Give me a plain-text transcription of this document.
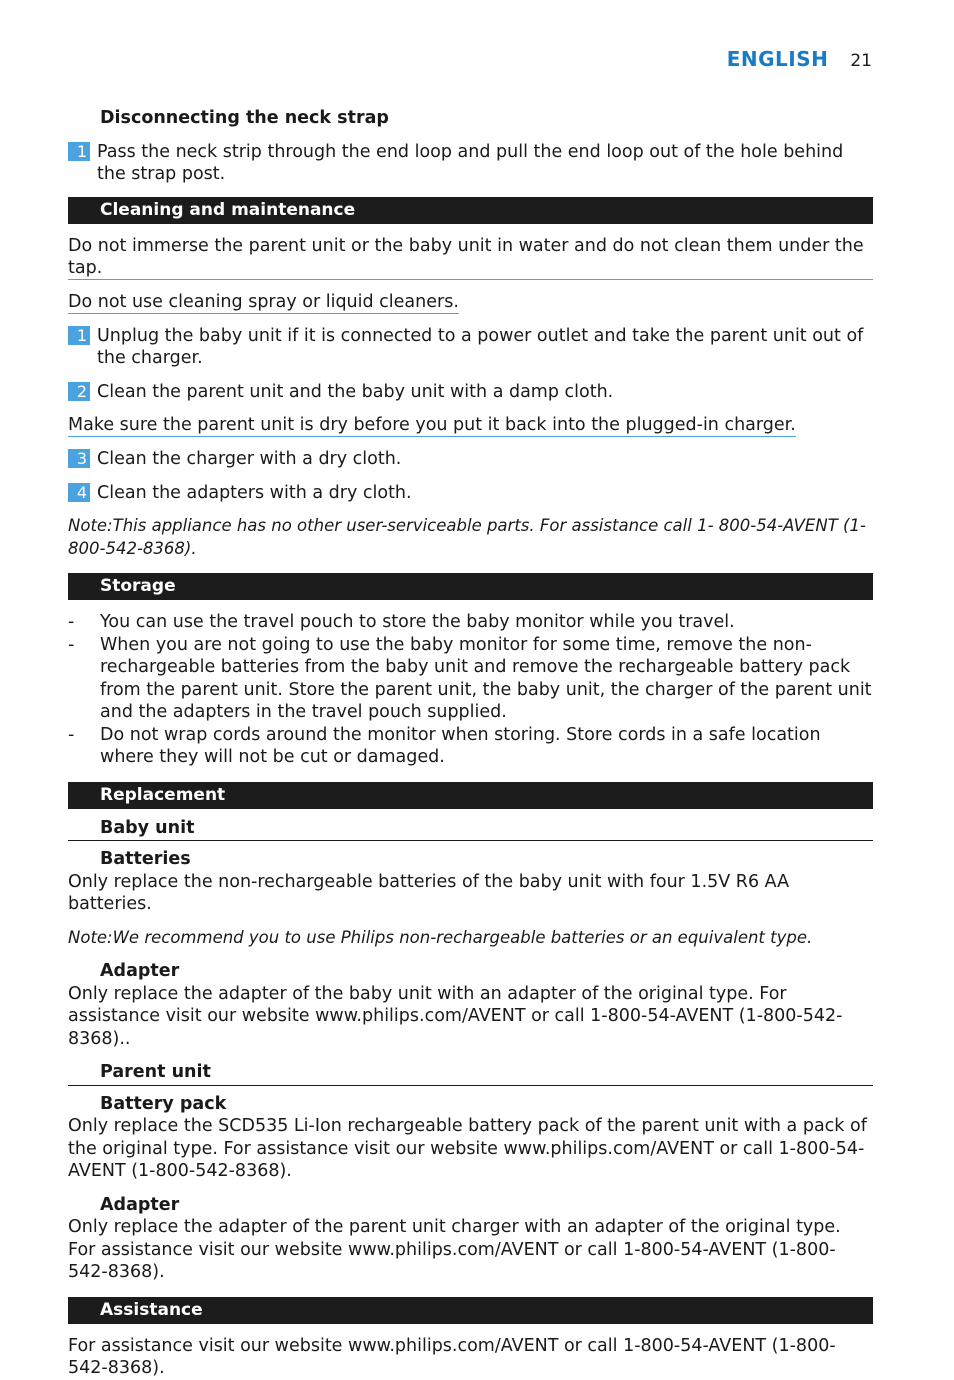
ENGLISH 21

Disconnecting the neck strap

1 Pass the neck strip through the end loop and pull the end loop out of the hole behind the strap post.
Cleaning and maintenance
Do not immerse the parent unit or the baby unit in water and do not clean them under the tap.
Do not use cleaning spray or liquid cleaners.
1 Unplug the baby unit if it is connected to a power outlet and take the parent unit out of the charger.
2 Clean the parent unit and the baby unit with a damp cloth.
Make sure the parent unit is dry before you put it back into the plugged-in charger.
3 Clean the charger with a dry cloth.
4 Clean the adapters with a dry cloth.
Note:This appliance has no other user-serviceable parts. For assistance call 1- 800-54-AVENT (1-800-542-8368).
Storage
- You can use the travel pouch to store the baby monitor while you travel.
- When you are not going to use the baby monitor for some time, remove the non-rechargeable batteries from the baby unit and remove the rechargeable battery pack from the parent unit. Store the parent unit, the baby unit, the charger of the parent unit and the adapters in the travel pouch supplied.
- Do not wrap cords around the monitor when storing. Store cords in a safe location where they will not be cut or damaged.
Replacement
Baby unit

Batteries

Only replace the non-rechargeable batteries of the baby unit with four 1.5V R6 AA batteries.
Note:We recommend you to use Philips non-rechargeable batteries or an equivalent type.

Adapter

Only replace the adapter of the baby unit with an adapter of the original type. For assistance visit our website www.philips.com/AVENT or call 1-800-54-AVENT (1-800-542-8368)..
Parent unit

Battery pack

Only replace the SCD535 Li-Ion rechargeable battery pack of the parent unit with a pack of the original type. For assistance visit our website www.philips.com/AVENT or call 1-800-54-AVENT (1-800-542-8368).

Adapter

Only replace the adapter of the parent unit charger with an adapter of the original type. For assistance visit our website www.philips.com/AVENT or call 1-800-54-AVENT (1-800-542-8368).
Assistance
For assistance visit our website www.philips.com/AVENT or call 1-800-54-AVENT (1-800-542-8368).
